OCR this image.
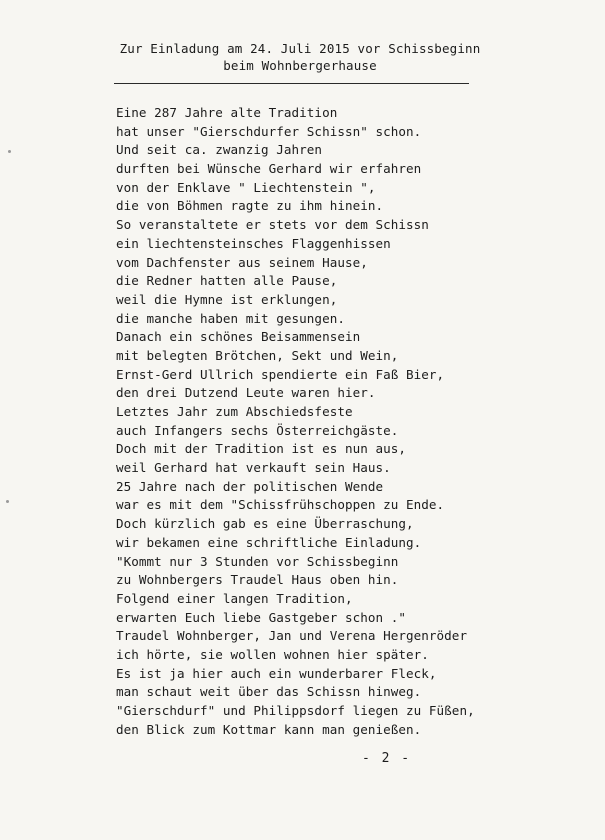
Zur Einladung am 24. Juli 2015 vor Schissbeginn
beim Wohnbergerhause
Eine 287 Jahre alte Tradition
hat unser "Gierschdurfer Schissn" schon.
Und seit ca. zwanzig Jahren
durften bei Wünsche Gerhard wir erfahren
von der Enklave " Liechtenstein ",
die von Böhmen ragte zu ihm hinein.
So veranstaltete er stets vor dem Schissn
ein liechtensteinsches Flaggenhissen
vom Dachfenster aus seinem Hause,
die Redner hatten alle Pause,
weil die Hymne ist erklungen,
die manche haben mit gesungen.
Danach ein schönes Beisammensein
mit belegten Brötchen, Sekt und Wein,
Ernst-Gerd Ullrich spendierte ein Faß Bier,
den drei Dutzend Leute waren hier.
Letztes Jahr zum Abschiedsfeste
auch Infangers sechs Österreichgäste.
Doch mit der Tradition ist es nun aus,
weil Gerhard hat verkauft sein Haus.
25 Jahre nach der politischen Wende
war es mit dem "Schissfrühschoppen zu Ende.
Doch kürzlich gab es eine Überraschung,
wir bekamen eine schriftliche Einladung.
"Kommt nur 3 Stunden vor Schissbeginn
zu Wohnbergers Traudel Haus oben hin.
Folgend einer langen Tradition,
erwarten Euch liebe Gastgeber schon ."
Traudel Wohnberger, Jan und Verena Hergenröder
ich hörte, sie wollen wohnen hier später.
Es ist ja hier auch ein wunderbarer Fleck,
man schaut weit über das Schissn hinweg.
"Gierschdurf" und Philippsdorf liegen zu Füßen,
den Blick zum Kottmar kann man genießen.
- 2 -
